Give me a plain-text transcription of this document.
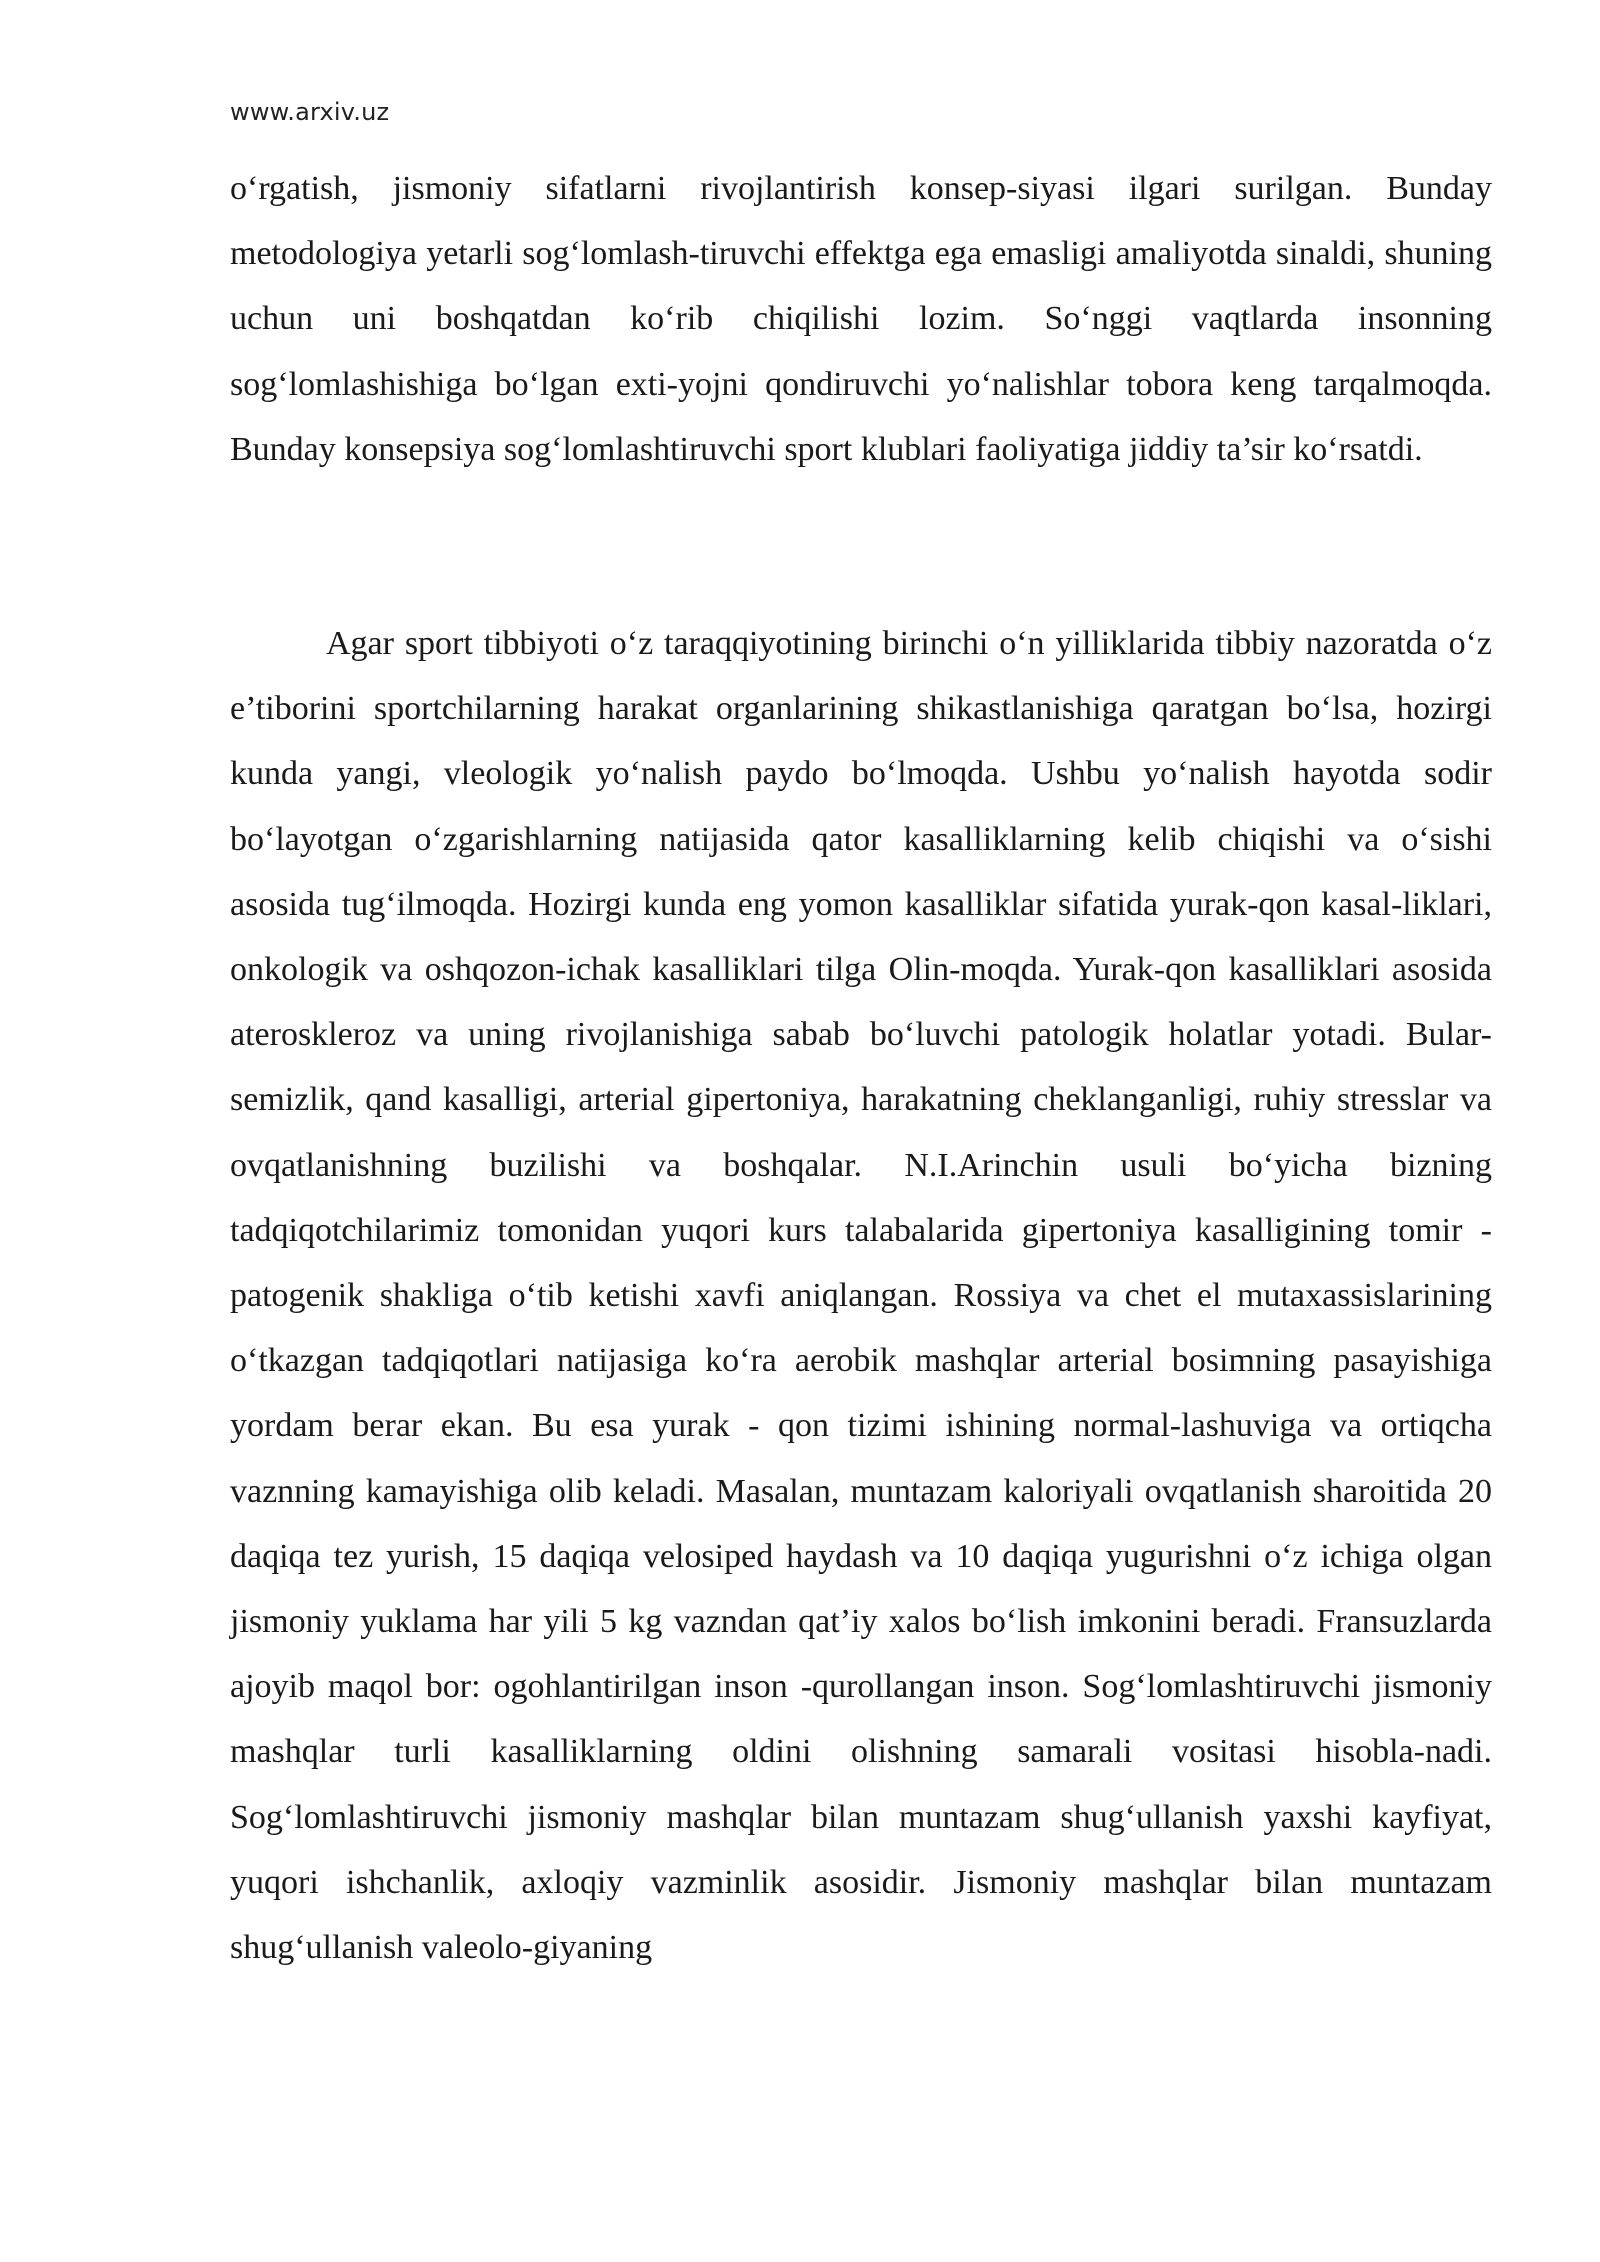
www.arxiv.uz

o‘rgatish, jismoniy sifatlarni rivojlantirish konsep-siyasi ilgari surilgan. Bunday metodologiya yetarli sog‘lomlash-tiruvchi effektga ega emasligi amaliyotda sinaldi, shuning uchun uni boshqatdan ko‘rib chiqilishi lozim. So‘nggi vaqtlarda insonning sog‘lomlashishiga bo‘lgan exti-yojni qondiruvchi yo‘nalishlar tobora keng tarqalmoqda. Bunday konsepsiya sog‘lomlashtiruvchi sport klublari faoliyatiga jiddiy ta’sir ko‘rsatdi.

Agar sport tibbiyoti o‘z taraqqiyotining birinchi o‘n yilliklarida tibbiy nazoratda o‘z e’tiborini sportchilarning harakat organlarining shikastlanishiga qaratgan bo‘lsa, hozirgi kunda yangi, vleologik yo‘nalish paydo bo‘lmoqda. Ushbu yo‘nalish hayotda sodir bo‘layotgan o‘zgarishlarning natijasida qator kasalliklarning kelib chiqishi va o‘sishi asosida tug‘ilmoqda. Hozirgi kunda eng yomon kasalliklar sifatida yurak-qon kasal-liklari, onkologik va oshqozon-ichak kasalliklari tilga Olin-moqda. Yurak-qon kasalliklari asosida ateroskleroz va uning rivojlanishiga sabab bo‘luvchi patologik holatlar yotadi. Bular- semizlik, qand kasalligi, arterial gipertoniya, harakatning cheklanganligi, ruhiy stresslar va ovqatlanishning buzilishi va boshqalar. N.I.Arinchin usuli bo‘yicha bizning tadqiqotchilarimiz tomonidan yuqori kurs talabalarida gipertoniya kasalligining tomir - patogenik shakliga o‘tib ketishi xavfi aniqlangan. Rossiya va chet el mutaxassislarining o‘tkazgan tadqiqotlari natijasiga ko‘ra aerobik mashqlar arterial bosimning pasayishiga yordam berar ekan. Bu esa yurak - qon tizimi ishining normal-lashuviga va ortiqcha vaznning kamayishiga olib keladi. Masalan, muntazam kaloriyali ovqatlanish sharoitida 20 daqiqa tez yurish, 15 daqiqa velosiped haydash va 10 daqiqa yugurishni o‘z ichiga olgan jismoniy yuklama har yili 5 kg vazndan qat’iy xalos bo‘lish imkonini beradi. Fransuzlarda ajoyib maqol bor: ogohlantirilgan inson -qurollangan inson. Sog‘lomlashtiruvchi jismoniy mashqlar turli kasalliklarning oldini olishning samarali vositasi hisobla-nadi. Sog‘lomlashtiruvchi jismoniy mashqlar bilan muntazam shug‘ullanish yaxshi kayfiyat, yuqori ishchanlik, axloqiy vazminlik asosidir. Jismoniy mashqlar bilan muntazam shug‘ullanish valeolo-giyaning
